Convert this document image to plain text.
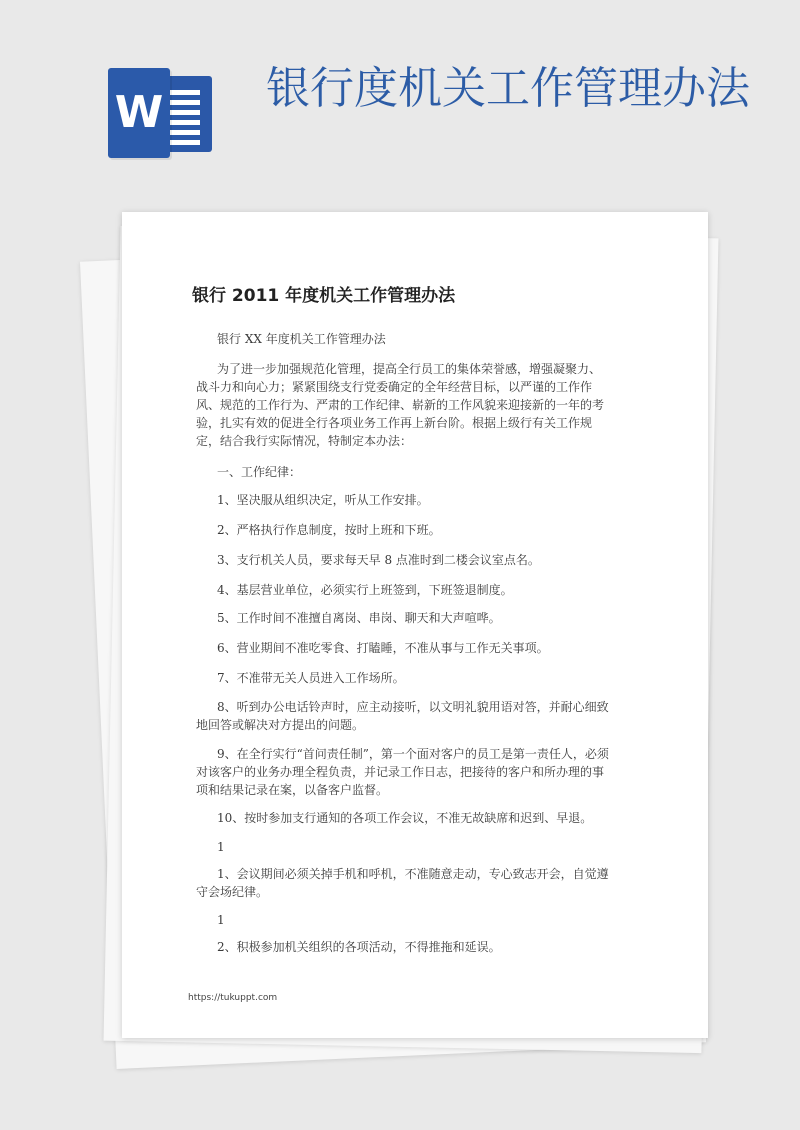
W 银行度机关工作管理办法
银行 2011 年度机关工作管理办法

银行 XX 年度机关工作管理办法

为了进一步加强规范化管理，提高全行员工的集体荣誉感，增强凝聚力、

战斗力和向心力；紧紧围绕支行党委确定的全年经营目标，以严谨的工作作

风、规范的工作行为、严肃的工作纪律、崭新的工作风貌来迎接新的一年的考

验，扎实有效的促进全行各项业务工作再上新台阶。根据上级行有关工作规

定，结合我行实际情况，特制定本办法：

一、工作纪律：

1、坚决服从组织决定，听从工作安排。

2、严格执行作息制度，按时上班和下班。

3、支行机关人员，要求每天早 8 点准时到二楼会议室点名。

4、基层营业单位，必须实行上班签到，下班签退制度。

5、工作时间不准擅自离岗、串岗、聊天和大声喧哗。

6、营业期间不准吃零食、打瞌睡，不准从事与工作无关事项。

7、不准带无关人员进入工作场所。

8、听到办公电话铃声时，应主动接听，以文明礼貌用语对答，并耐心细致

地回答或解决对方提出的问题。

9、在全行实行“首问责任制”，第一个面对客户的员工是第一责任人，必须

对该客户的业务办理全程负责，并记录工作日志，把接待的客户和所办理的事

项和结果记录在案，以备客户监督。

10、按时参加支行通知的各项工作会议，不准无故缺席和迟到、早退。

1

1、会议期间必须关掉手机和呼机，不准随意走动，专心致志开会，自觉遵

守会场纪律。

1

2、积极参加机关组织的各项活动，不得推拖和延误。

https://tukuppt.com
